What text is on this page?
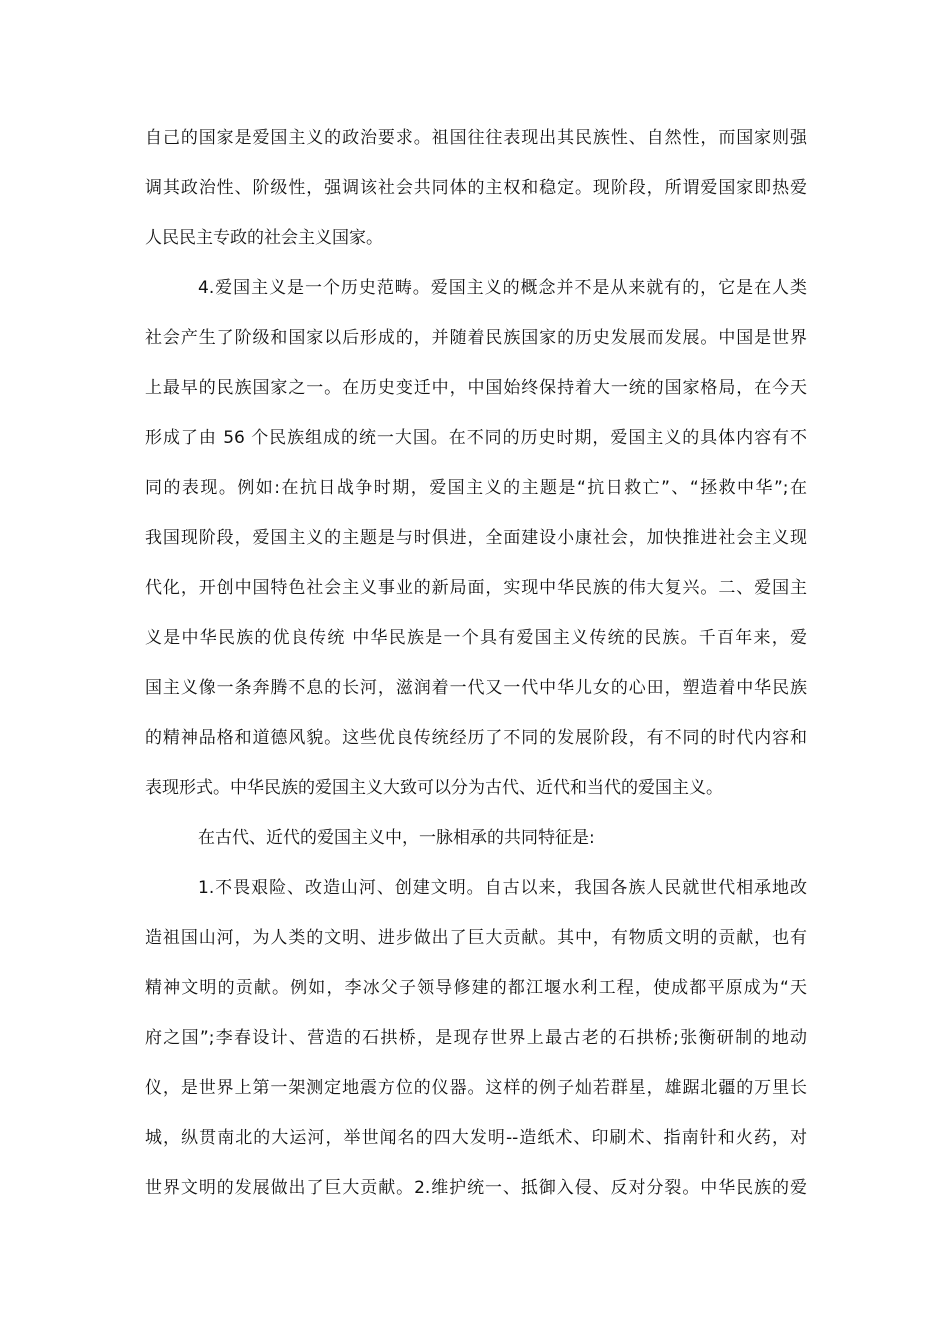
自己的国家是爱国主义的政治要求。祖国往往表现出其民族性、自然性，而国家则强
调其政治性、阶级性，强调该社会共同体的主权和稳定。现阶段，所谓爱国家即热爱
人民民主专政的社会主义国家。
4.爱国主义是一个历史范畴。爱国主义的概念并不是从来就有的，它是在人类
社会产生了阶级和国家以后形成的，并随着民族国家的历史发展而发展。中国是世界
上最早的民族国家之一。在历史变迁中，中国始终保持着大一统的国家格局，在今天
形成了由 56 个民族组成的统一大国。在不同的历史时期，爱国主义的具体内容有不
同的表现。例如:在抗日战争时期，爱国主义的主题是“抗日救亡”、“拯救中华”;在
我国现阶段，爱国主义的主题是与时俱进，全面建设小康社会，加快推进社会主义现
代化，开创中国特色社会主义事业的新局面，实现中华民族的伟大复兴。二、爱国主
义是中华民族的优良传统 中华民族是一个具有爱国主义传统的民族。千百年来，爱
国主义像一条奔腾不息的长河，滋润着一代又一代中华儿女的心田，塑造着中华民族
的精神品格和道德风貌。这些优良传统经历了不同的发展阶段，有不同的时代内容和
表现形式。中华民族的爱国主义大致可以分为古代、近代和当代的爱国主义。
在古代、近代的爱国主义中，一脉相承的共同特征是:
1.不畏艰险、改造山河、创建文明。自古以来，我国各族人民就世代相承地改
造祖国山河，为人类的文明、进步做出了巨大贡献。其中，有物质文明的贡献，也有
精神文明的贡献。例如，李冰父子领导修建的都江堰水利工程，使成都平原成为“天
府之国”;李春设计、营造的石拱桥，是现存世界上最古老的石拱桥;张衡研制的地动
仪，是世界上第一架测定地震方位的仪器。这样的例子灿若群星，雄踞北疆的万里长
城，纵贯南北的大运河，举世闻名的四大发明--造纸术、印刷术、指南针和火药，对
世界文明的发展做出了巨大贡献。2.维护统一、抵御入侵、反对分裂。中华民族的爱
